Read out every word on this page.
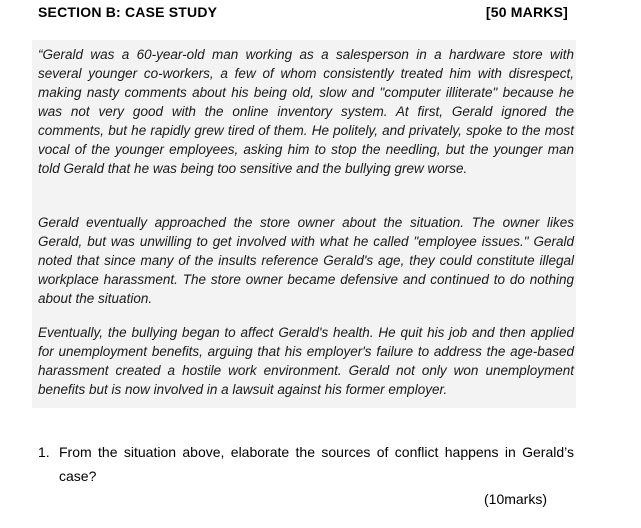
SECTION B: CASE STUDY	[50 MARKS]

“Gerald was a 60-year-old man working as a salesperson in a hardware store with several younger co-workers, a few of whom consistently treated him with disrespect, making nasty comments about his being old, slow and "computer illiterate" because he was not very good with the online inventory system. At first, Gerald ignored the comments, but he rapidly grew tired of them. He politely, and privately, spoke to the most vocal of the younger employees, asking him to stop the needling, but the younger man told Gerald that he was being too sensitive and the bullying grew worse.

Gerald eventually approached the store owner about the situation. The owner likes Gerald, but was unwilling to get involved with what he called "employee issues." Gerald noted that since many of the insults reference Gerald's age, they could constitute illegal workplace harassment. The store owner became defensive and continued to do nothing about the situation.

Eventually, the bullying began to affect Gerald's health. He quit his job and then applied for unemployment benefits, arguing that his employer's failure to address the age-based harassment created a hostile work environment. Gerald not only won unemployment benefits but is now involved in a lawsuit against his former employer.

1. From the situation above, elaborate the sources of conflict happens in Gerald’s case?
(10marks)
